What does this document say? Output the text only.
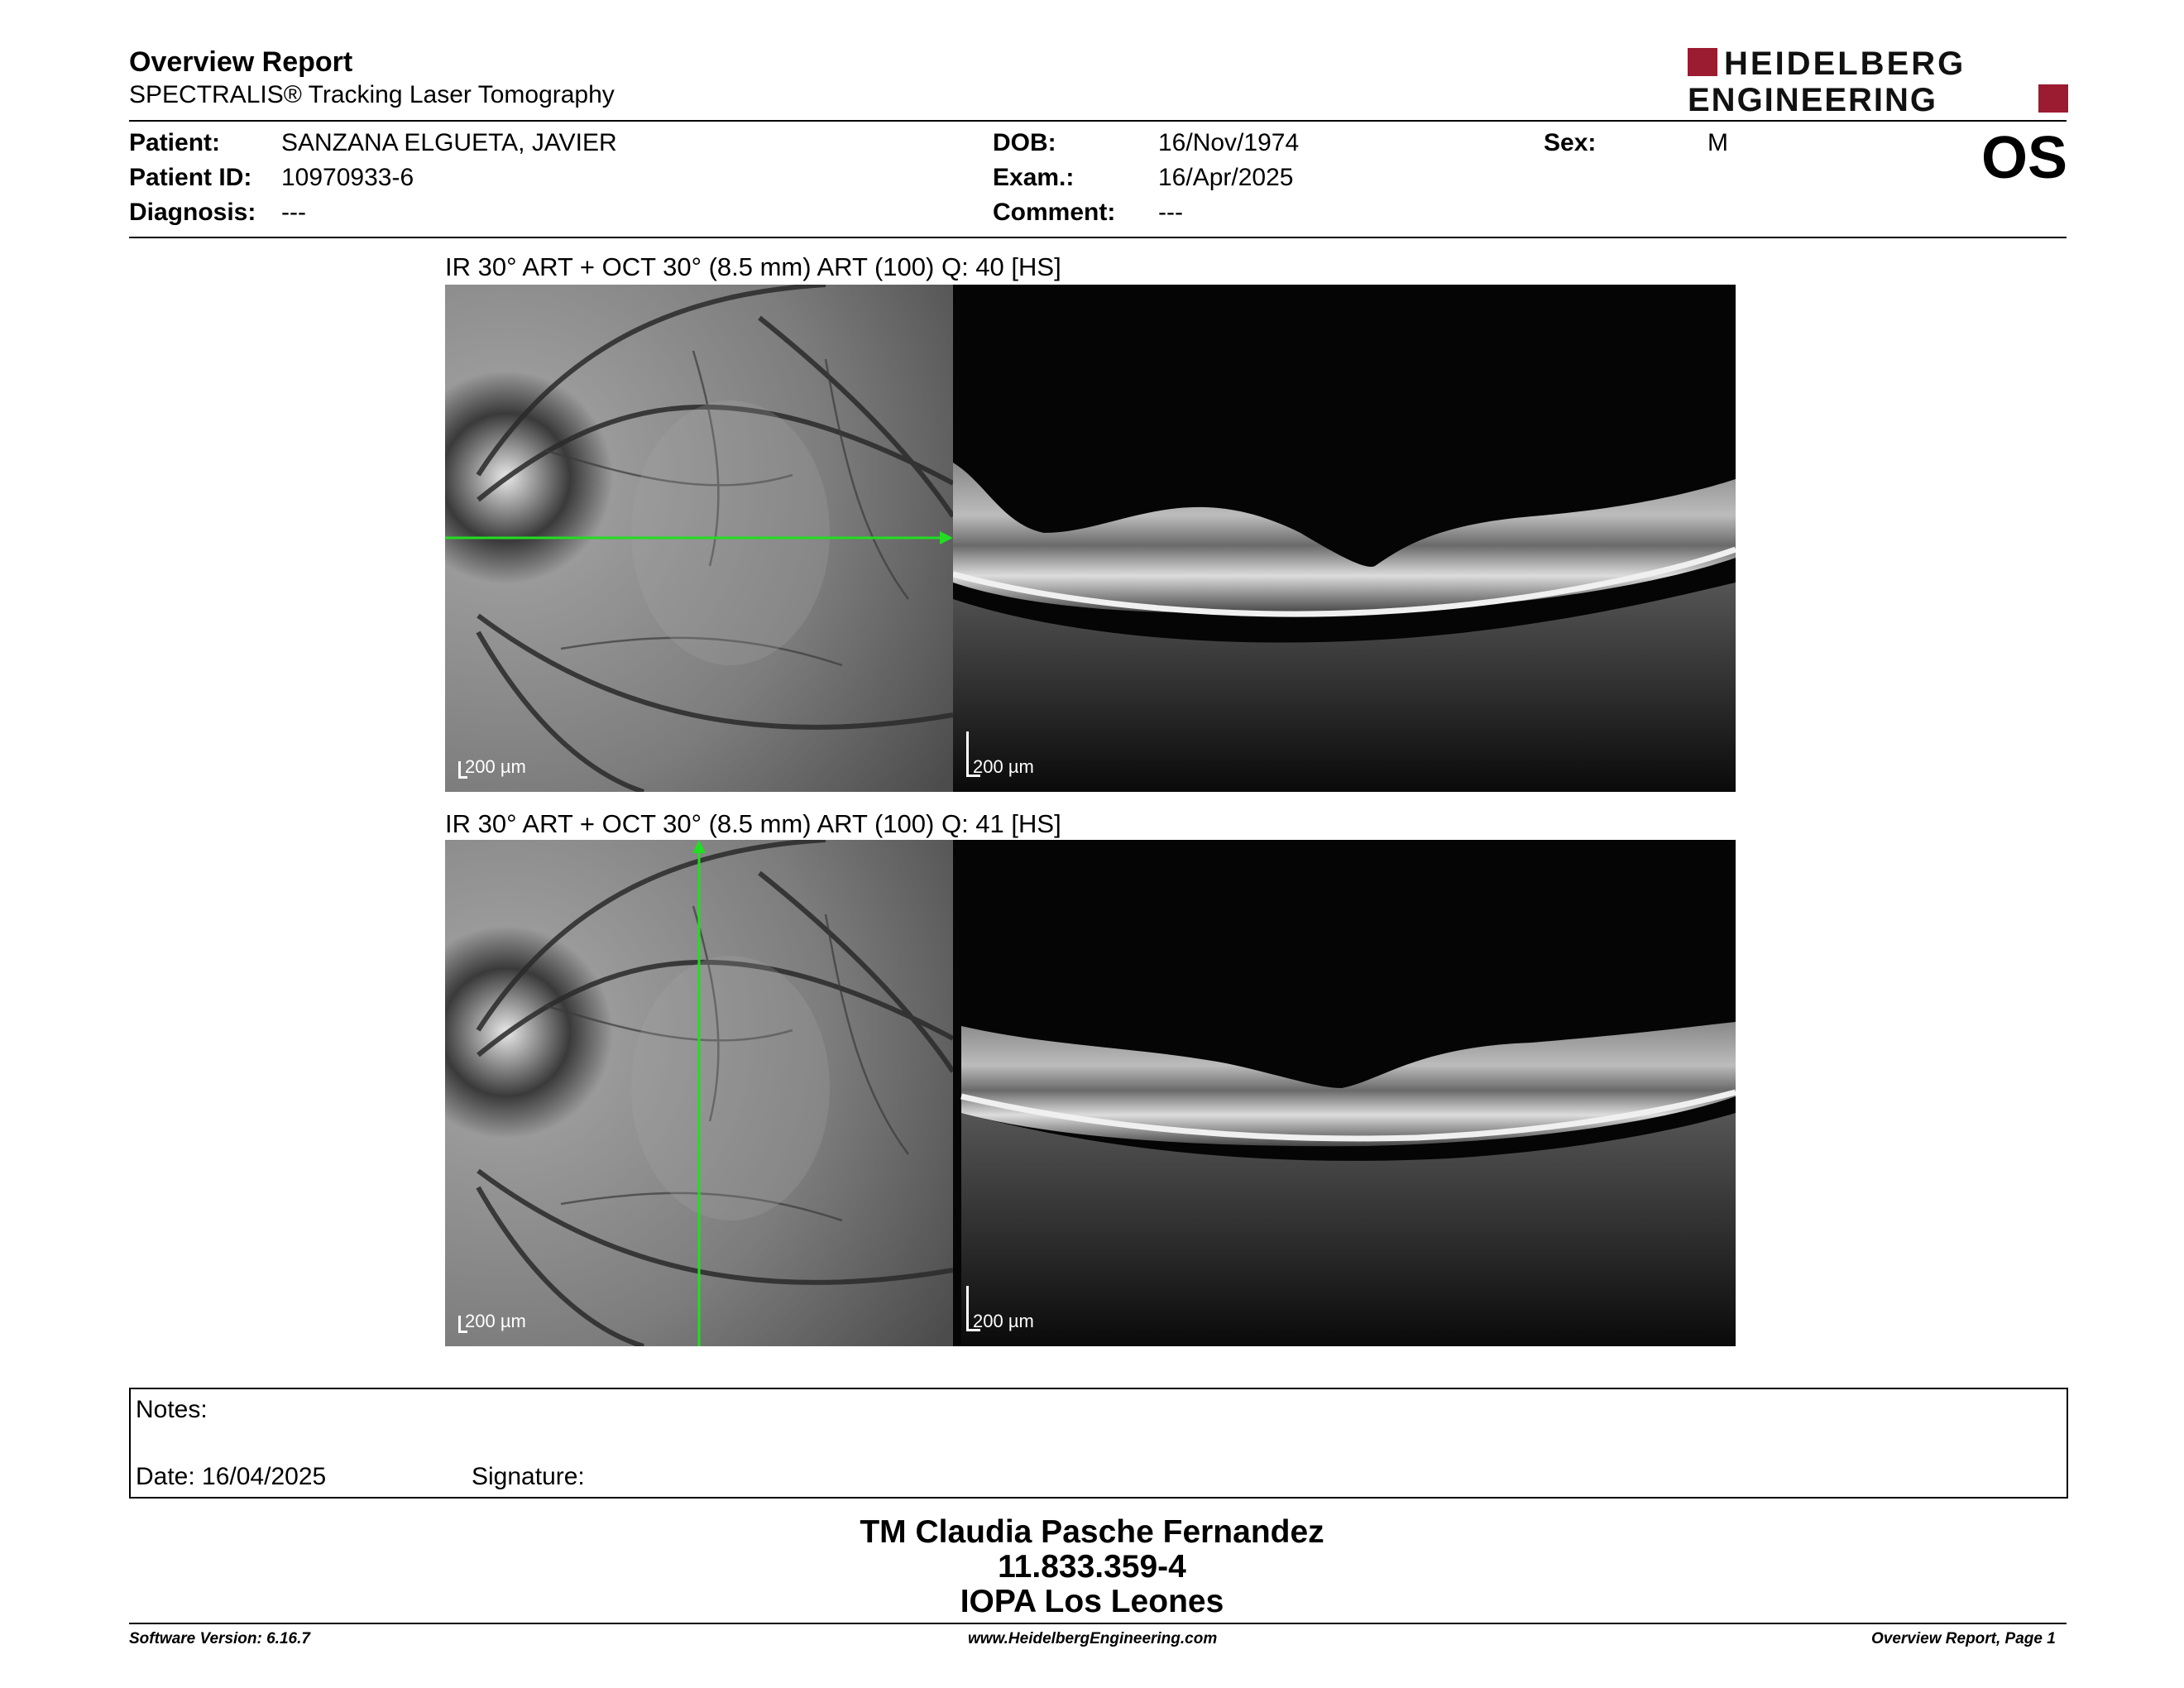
Overview Report
SPECTRALIS® Tracking Laser Tomography
HEIDELBERG
ENGINEERING
Patient: SANZANA ELGUETA, JAVIER
Patient ID: 10970933-6
Diagnosis: ---
DOB:	16/Nov/1974
Exam.:	16/Apr/2025
Comment: ---
Sex:	M	OS
IR 30° ART + OCT 30° (8.5 mm) ART (100) Q: 40 [HS]
200 µm	200 µm
IR 30° ART + OCT 30° (8.5 mm) ART (100) Q: 41 [HS]
200 µm	200 µm
Notes:
Date: 16/04/2025	Signature:
TM Claudia Pasche Fernandez
11.833.359-4
IOPA Los Leones
Software Version: 6.16.7	www.HeidelbergEngineering.com	Overview Report, Page 1
